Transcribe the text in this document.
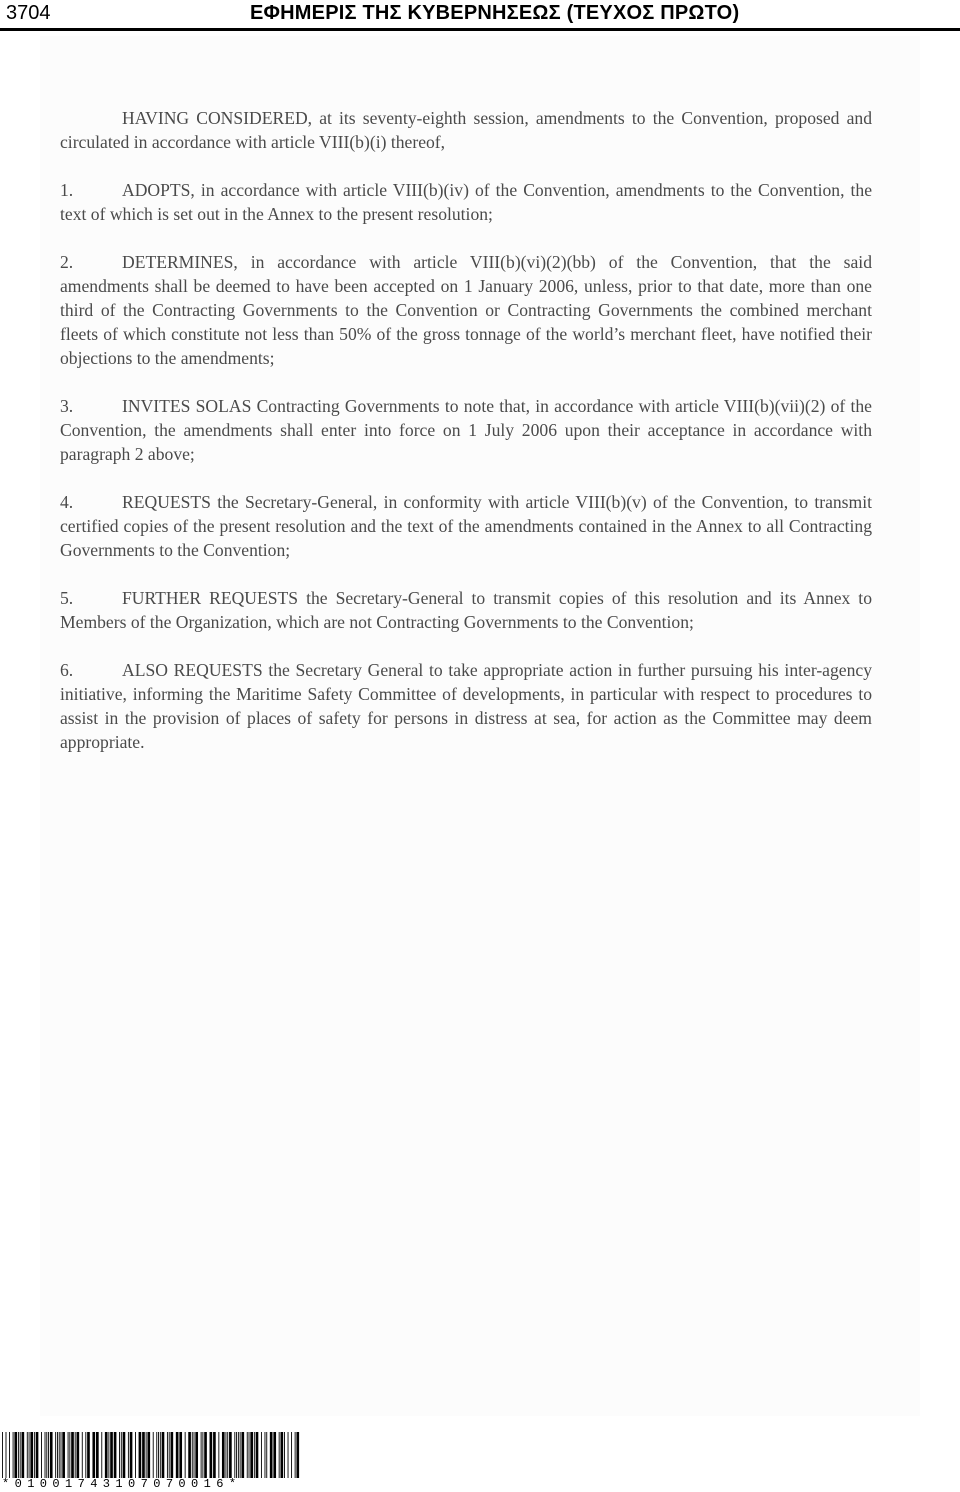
3704	ΕΦΗΜΕΡΙΣ ΤΗΣ ΚΥΒΕΡΝΗΣΕΩΣ (ΤΕΥΧΟΣ ΠΡΩΤΟ)

HAVING CONSIDERED, at its seventy-eighth session, amendments to the Convention, proposed and circulated in accordance with article VIII(b)(i) thereof,

1.	ADOPTS, in accordance with article VIII(b)(iv) of the Convention, amendments to the Convention, the text of which is set out in the Annex to the present resolution;

2.	DETERMINES, in accordance with article VIII(b)(vi)(2)(bb) of the Convention, that the said amendments shall be deemed to have been accepted on 1 January 2006, unless, prior to that date, more than one third of the Contracting Governments to the Convention or Contracting Governments the combined merchant fleets of which constitute not less than 50% of the gross tonnage of the world’s merchant fleet, have notified their objections to the amendments;

3.	INVITES SOLAS Contracting Governments to note that, in accordance with article VIII(b)(vii)(2) of the Convention, the amendments shall enter into force on 1 July 2006 upon their acceptance in accordance with paragraph 2 above;

4.	REQUESTS the Secretary-General, in conformity with article VIII(b)(v) of the Convention, to transmit certified copies of the present resolution and the text of the amendments contained in the Annex to all Contracting Governments to the Convention;

5.	FURTHER REQUESTS the Secretary-General to transmit copies of this resolution and its Annex to Members of the Organization, which are not Contracting Governments to the Convention;

6.	ALSO REQUESTS the Secretary General to take appropriate action in further pursuing his inter-agency initiative, informing the Maritime Safety Committee of developments, in particular with respect to procedures to assist in the provision of places of safety for persons in distress at sea, for action as the Committee may deem appropriate.

*01001743107070016*
